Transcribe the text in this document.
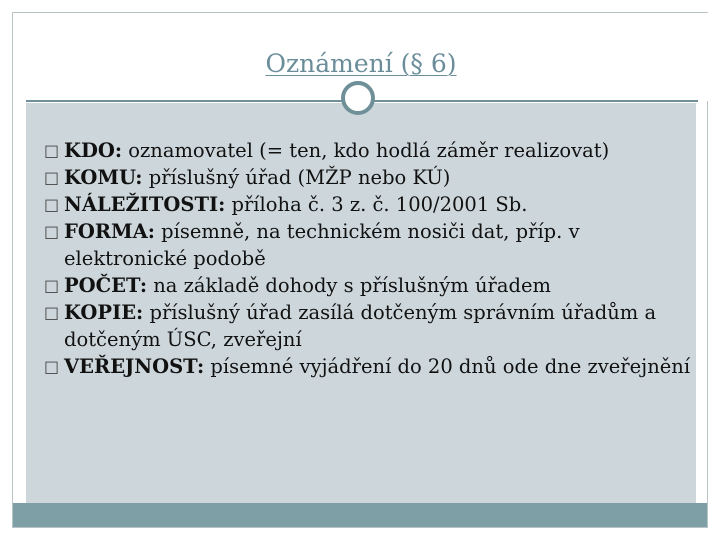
Oznámení (§ 6)
□ KDO: oznamovatel (= ten, kdo hodlá záměr realizovat)
□ KOMU: příslušný úřad (MŽP nebo KÚ)
□ NÁLEŽITOSTI: příloha č. 3 z. č. 100/2001 Sb.
□ FORMA: písemně, na technickém nosiči dat, příp. v elektronické podobě
□ POČET: na základě dohody s příslušným úřadem
□ KOPIE: příslušný úřad zasílá dotčeným správním úřadům a dotčeným ÚSC, zveřejní
□ VEŘEJNOST: písemné vyjádření do 20 dnů ode dne zveřejnění
